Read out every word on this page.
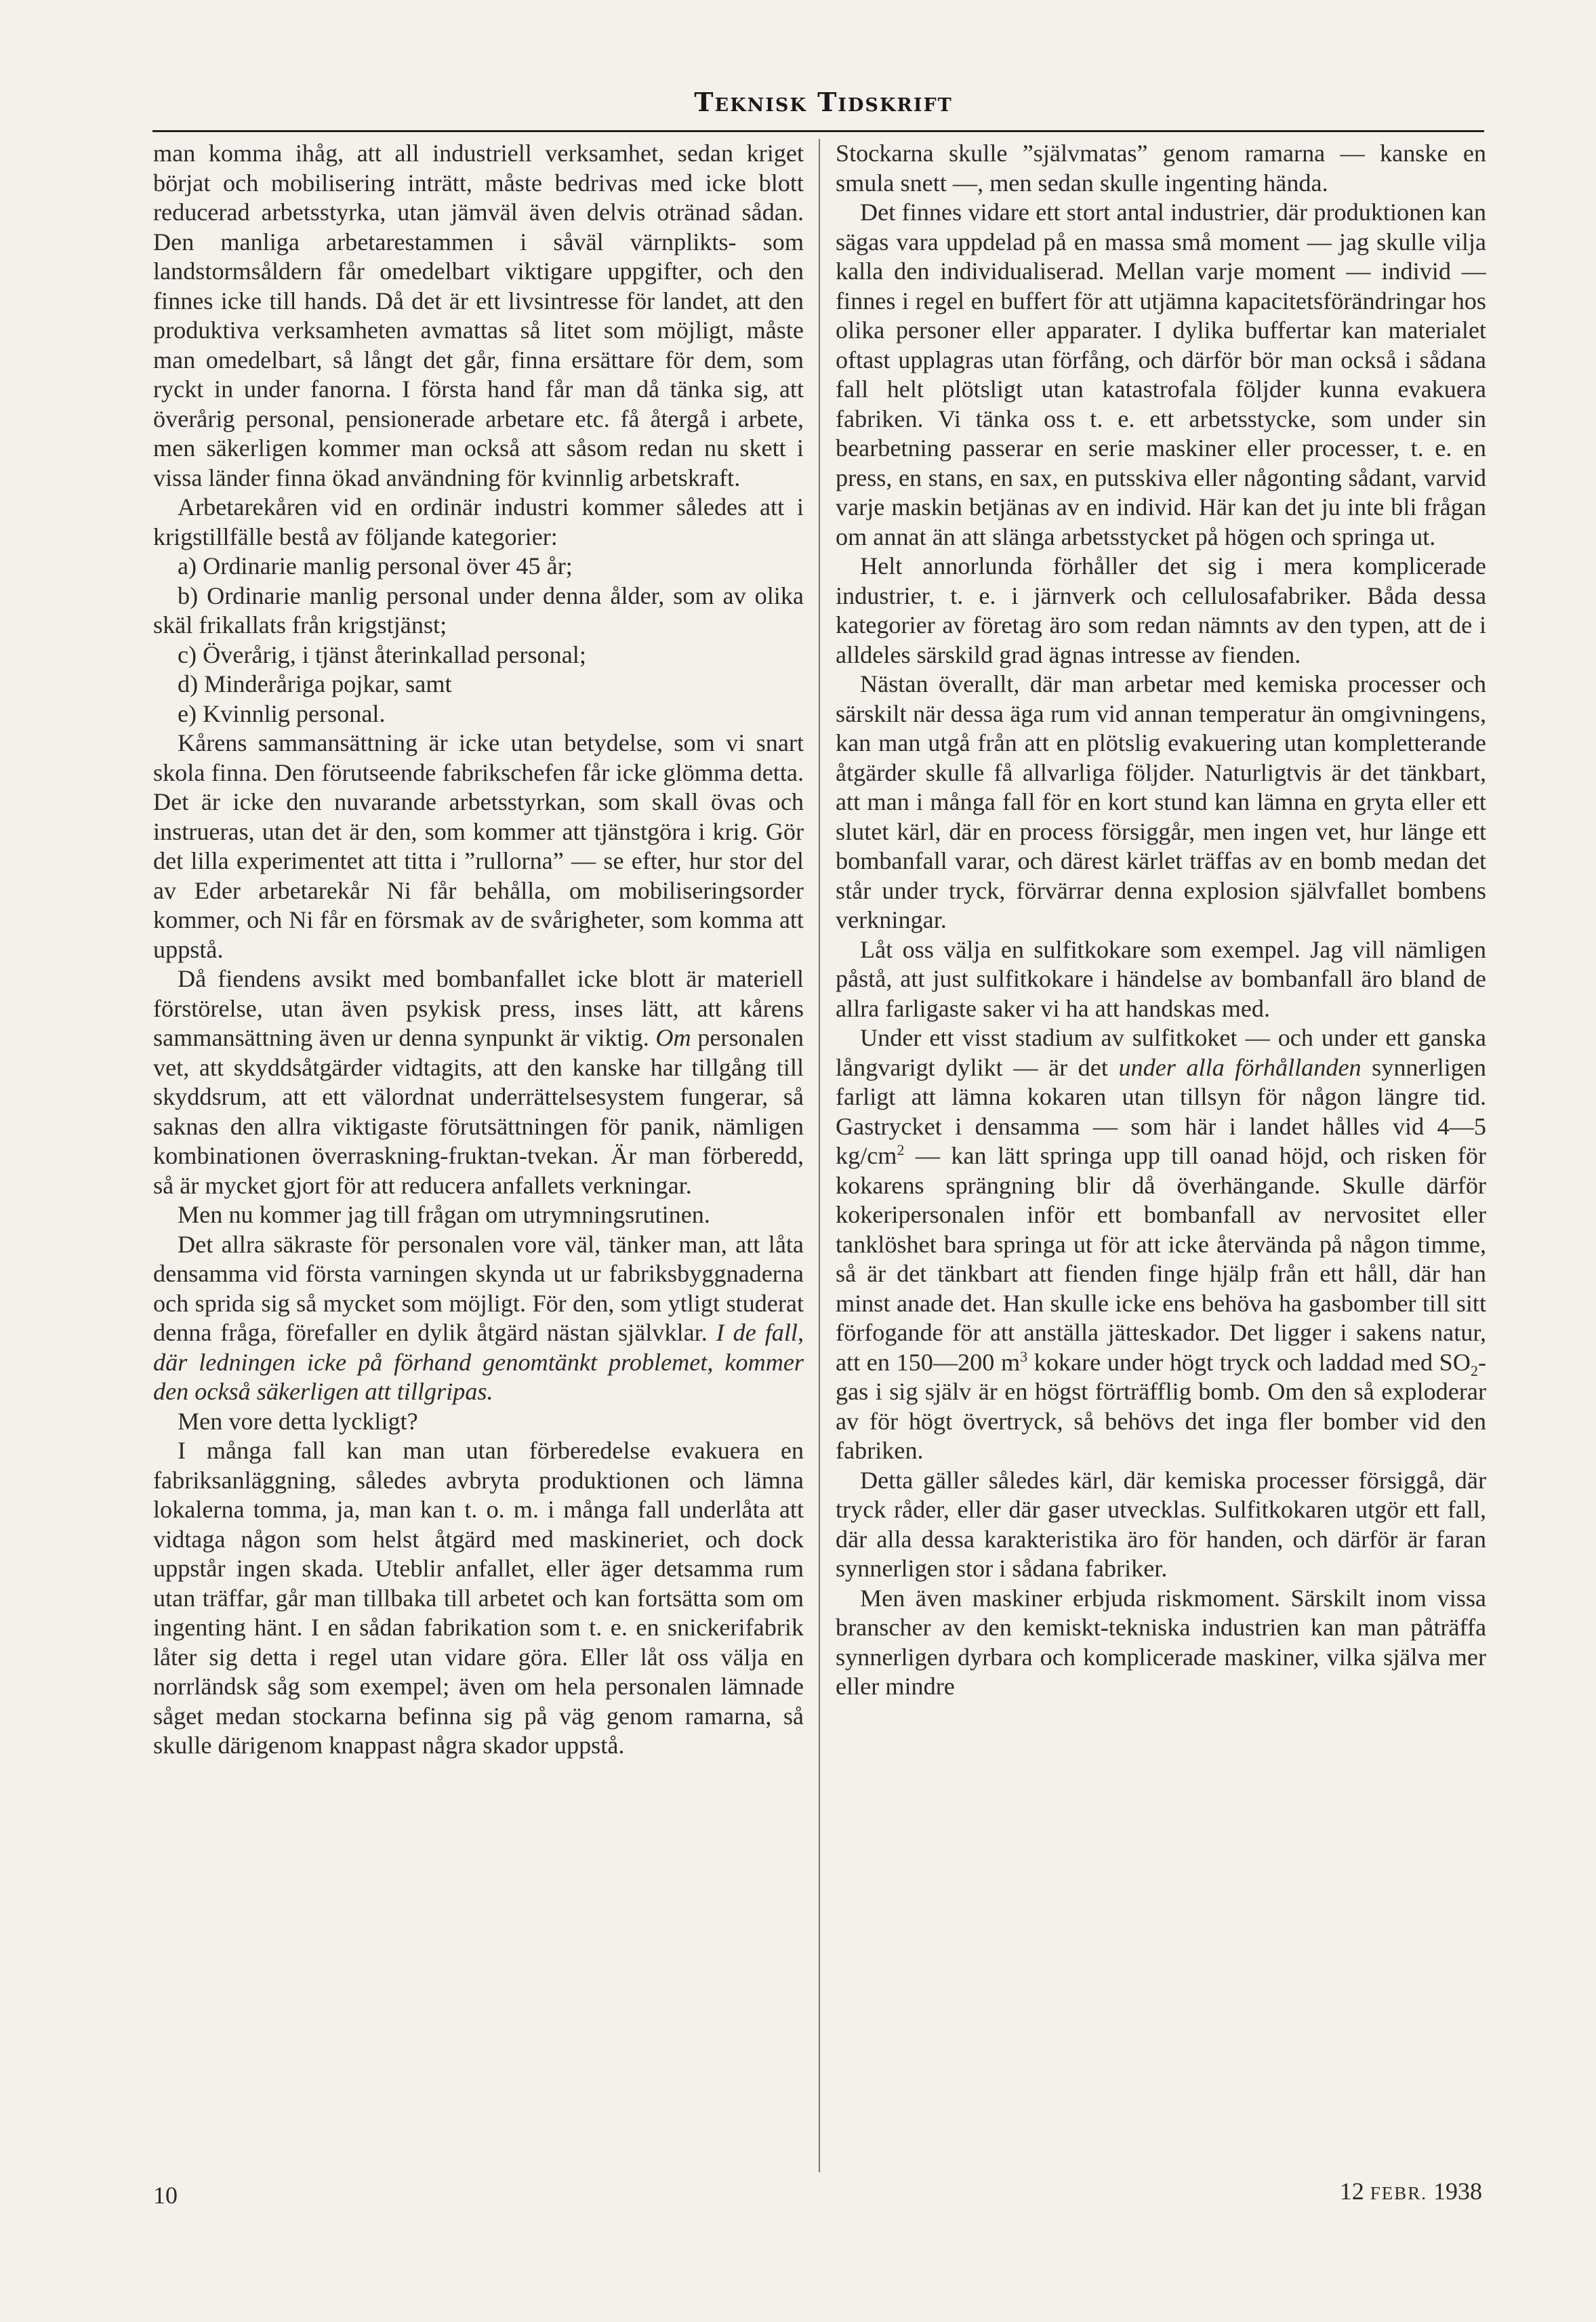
Teknisk Tidskrift

man komma ihåg, att all industriell verksamhet, sedan kriget börjat och mobilisering inträtt, måste bedrivas med icke blott reducerad arbetsstyrka, utan jämväl även delvis otränad sådan. Den manliga arbetarestammen i såväl värnplikts- som landstormsåldern får omedelbart viktigare uppgifter, och den finnes icke till hands. Då det är ett livsintresse för landet, att den produktiva verksamheten avmattas så litet som möjligt, måste man omedelbart, så långt det går, finna ersättare för dem, som ryckt in under fanorna. I första hand får man då tänka sig, att överårig personal, pensionerade arbetare etc. få återgå i arbete, men säkerligen kommer man också att såsom redan nu skett i vissa länder finna ökad användning för kvinnlig arbetskraft.

Arbetarekåren vid en ordinär industri kommer således att i krigstillfälle bestå av följande kategorier:

a) Ordinarie manlig personal över 45 år;

b) Ordinarie manlig personal under denna ålder, som av olika skäl frikallats från krigstjänst;

c) Överårig, i tjänst återinkallad personal;

d) Minderåriga pojkar, samt

e) Kvinnlig personal.

Kårens sammansättning är icke utan betydelse, som vi snart skola finna. Den förutseende fabrikschefen får icke glömma detta. Det är icke den nuvarande arbetsstyrkan, som skall övas och instrueras, utan det är den, som kommer att tjänstgöra i krig. Gör det lilla experimentet att titta i ”rullorna” — se efter, hur stor del av Eder arbetarekår Ni får behålla, om mobiliseringsorder kommer, och Ni får en försmak av de svårigheter, som komma att uppstå.

Då fiendens avsikt med bombanfallet icke blott är materiell förstörelse, utan även psykisk press, inses lätt, att kårens sammansättning även ur denna synpunkt är viktig. Om personalen vet, att skyddsåtgärder vidtagits, att den kanske har tillgång till skyddsrum, att ett välordnat underrättelsesystem fungerar, så saknas den allra viktigaste förutsättningen för panik, nämligen kombinationen överraskning-fruktan-tvekan. Är man förberedd, så är mycket gjort för att reducera anfallets verkningar.

Men nu kommer jag till frågan om utrymningsrutinen.

Det allra säkraste för personalen vore väl, tänker man, att låta densamma vid första varningen skynda ut ur fabriksbyggnaderna och sprida sig så mycket som möjligt. För den, som ytligt studerat denna fråga, förefaller en dylik åtgärd nästan självklar. I de fall, där ledningen icke på förhand genomtänkt problemet, kommer den också säkerligen att tillgripas.

Men vore detta lyckligt?

I många fall kan man utan förberedelse evakuera en fabriksanläggning, således avbryta produktionen och lämna lokalerna tomma, ja, man kan t. o. m. i många fall underlåta att vidtaga någon som helst åtgärd med maskineriet, och dock uppstår ingen skada. Uteblir anfallet, eller äger detsamma rum utan träffar, går man tillbaka till arbetet och kan fortsätta som om ingenting hänt. I en sådan fabrikation som t. e. en snickerifabrik låter sig detta i regel utan vidare göra. Eller låt oss välja en norrländsk såg som exempel; även om hela personalen lämnade såget medan stockarna befinna sig på väg genom ramarna, så skulle därigenom knappast några skador uppstå.

Stockarna skulle ”självmatas” genom ramarna — kanske en smula snett —, men sedan skulle ingenting hända.

Det finnes vidare ett stort antal industrier, där produktionen kan sägas vara uppdelad på en massa små moment — jag skulle vilja kalla den individualiserad. Mellan varje moment — individ — finnes i regel en buffert för att utjämna kapacitetsförändringar hos olika personer eller apparater. I dylika buffertar kan materialet oftast upplagras utan förfång, och därför bör man också i sådana fall helt plötsligt utan katastrofala följder kunna evakuera fabriken. Vi tänka oss t. e. ett arbetsstycke, som under sin bearbetning passerar en serie maskiner eller processer, t. e. en press, en stans, en sax, en putsskiva eller någonting sådant, varvid varje maskin betjänas av en individ. Här kan det ju inte bli frågan om annat än att slänga arbetsstycket på högen och springa ut.

Helt annorlunda förhåller det sig i mera komplicerade industrier, t. e. i järnverk och cellulosafabriker. Båda dessa kategorier av företag äro som redan nämnts av den typen, att de i alldeles särskild grad ägnas intresse av fienden.

Nästan överallt, där man arbetar med kemiska processer och särskilt när dessa äga rum vid annan temperatur än omgivningens, kan man utgå från att en plötslig evakuering utan kompletterande åtgärder skulle få allvarliga följder. Naturligtvis är det tänkbart, att man i många fall för en kort stund kan lämna en gryta eller ett slutet kärl, där en process försiggår, men ingen vet, hur länge ett bombanfall varar, och därest kärlet träffas av en bomb medan det står under tryck, förvärrar denna explosion självfallet bombens verkningar.

Låt oss välja en sulfitkokare som exempel. Jag vill nämligen påstå, att just sulfitkokare i händelse av bombanfall äro bland de allra farligaste saker vi ha att handskas med.

Under ett visst stadium av sulfitkoket — och under ett ganska långvarigt dylikt — är det under alla förhållanden synnerligen farligt att lämna kokaren utan tillsyn för någon längre tid. Gastrycket i densamma — som här i landet hålles vid 4—5 $kg/cm^2$ — kan lätt springa upp till oanad höjd, och risken för kokarens sprängning blir då överhängande. Skulle därför kokeripersonalen inför ett bombanfall av nervositet eller tanklöshet bara springa ut för att icke återvända på någon timme, så är det tänkbart att fienden finge hjälp från ett håll, där han minst anade det. Han skulle icke ens behöva ha gasbomber till sitt förfogande för att anställa jätteskador. Det ligger i sakens natur, att en 150—200 $m^3$ kokare under högt tryck och laddad med $SO_2$-gas i sig själv är en högst förträfflig bomb. Om den så exploderar av för högt övertryck, så behövs det inga fler bomber vid den fabriken.

Detta gäller således kärl, där kemiska processer försiggå, där tryck råder, eller där gaser utvecklas. Sulfitkokaren utgör ett fall, där alla dessa karakteristika äro för handen, och därför är faran synnerligen stor i sådana fabriker.

Men även maskiner erbjuda riskmoment. Särskilt inom vissa branscher av den kemiskt-tekniska industrien kan man påträffa synnerligen dyrbara och komplicerade maskiner, vilka själva mer eller mindre

10	12 FEBR. 1938
